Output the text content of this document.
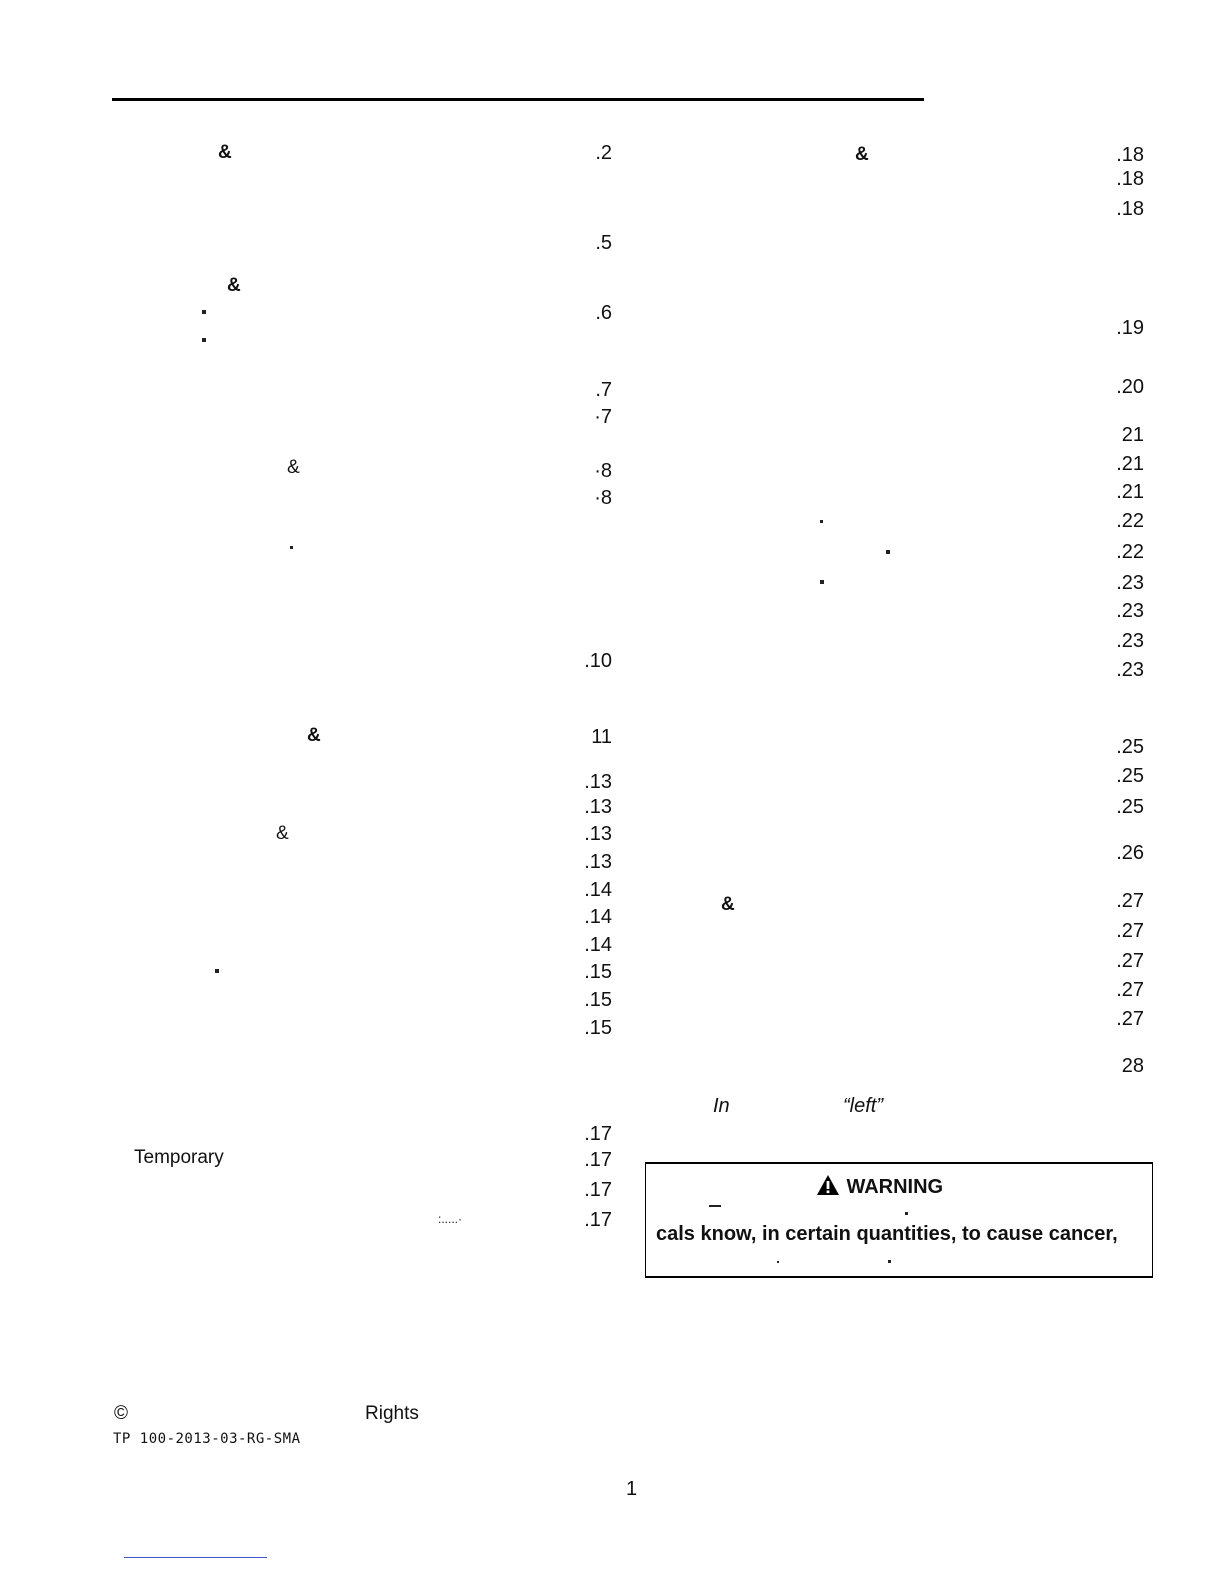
&
&
&
&
&
Temporary
:.....·
.2
.5
.6
.7
·7
·8
·8
.10
11
.13
.13
.13
.13
.14
.14
.14
.15
.15
.15
.17
.17
.17
.17
&
&
In	“left”
.18
.18
.18
.19
.20
21
.21
.21
.22
.22
.23
.23
.23
.23
.25
.25
.25
.26
.27
.27
.27
.27
.27
28
WARNING
cals know, in certain quantities, to cause cancer,
©	Rights
TP 100-2013-03-RG-SMA
1
